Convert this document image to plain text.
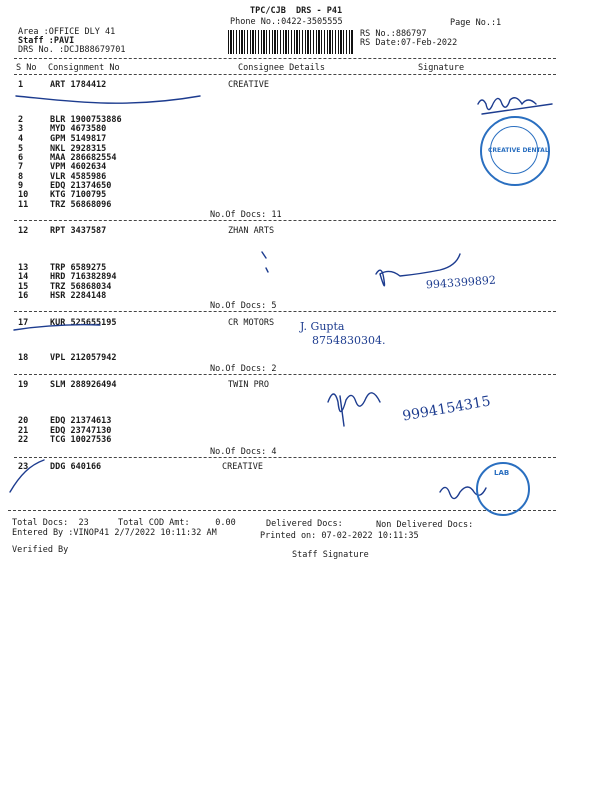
TPC/CJB  DRS - P41
Phone No.:0422-3505555	Page No.:1
Area :OFFICE DLY 41
Staff :PAVI
DRS No. :DCJB88679701
RS No.:886797
RS Date:07-Feb-2022
S No Consignment No	Consignee Details	Signature
1	ART 1784412	CREATIVE
2	BLR 1900753886
3	MYD 4673580
4	GPM 5149817
5	NKL 2928315
6	MAA 286682554
7	VPM 4602634
8	VLR 4585986
9	EDQ 21374650
10	KTG 7100795
11	TRZ 56868096
No.Of Docs: 11
12	RPT 3437587	ZHAN ARTS
13	TRP 6589275
14	HRD 716382894
15	TRZ 56868034
16	HSR 2284148
No.Of Docs: 5
17	KUR 525655195	CR MOTORS
18	VPL 212057942
No.Of Docs: 2
19	SLM 288926494	TWIN PRO
20	EDQ 21374613
21	EDQ 23747130
22	TCG 10027536
No.Of Docs: 4
23	DDG 640166	CREATIVE
Total Docs:  23	Total COD Amt:     0.00	Delivered Docs:	Non Delivered Docs:
Entered By :VINOP41 2/7/2022 10:11:32 AM	Printed on: 07-02-2022 10:11:35
Verified By	Staff Signature
9943399892
J. Gupta
8754830304.
9994154315
CREATIVE DENTAL
LAB
